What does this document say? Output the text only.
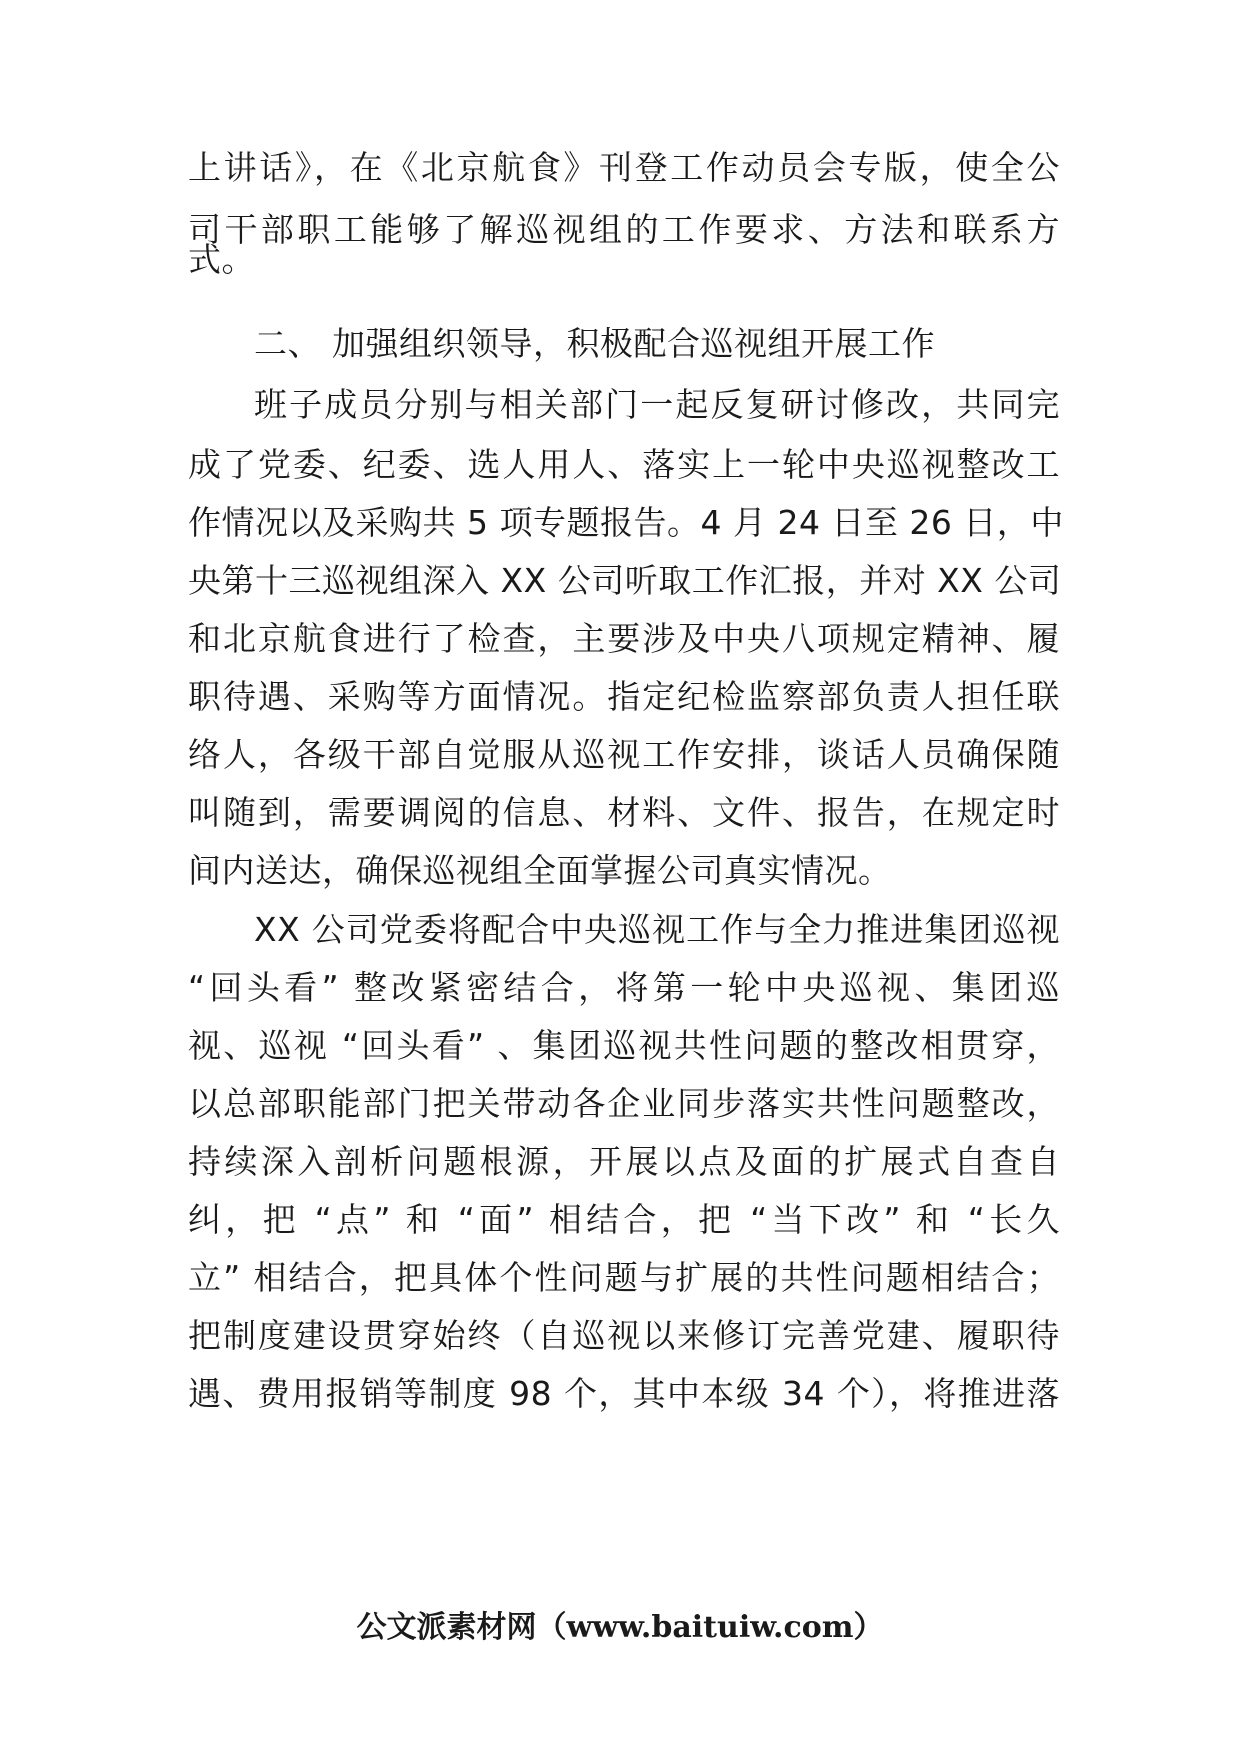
上讲话》，在《北京航食》刊登工作动员会专版，使全公
司干部职工能够了解巡视组的工作要求、方法和联系方
式。
二、 加强组织领导，积极配合巡视组开展工作
班子成员分别与相关部门一起反复研讨修改，共同完
成了党委、纪委、选人用人、落实上一轮中央巡视整改工
作情况以及采购共 5 项专题报告。4 月 24 日至 26 日，中
央第十三巡视组深入 XX 公司听取工作汇报，并对 XX 公司
和北京航食进行了检查，主要涉及中央八项规定精神、履
职待遇、采购等方面情况。指定纪检监察部负责人担任联
络人，各级干部自觉服从巡视工作安排，谈话人员确保随
叫随到，需要调阅的信息、材料、文件、报告，在规定时
间内送达，确保巡视组全面掌握公司真实情况。
XX 公司党委将配合中央巡视工作与全力推进集团巡视
“回头看” 整改紧密结合，将第一轮中央巡视、集团巡
视、巡视 “回头看” 、集团巡视共性问题的整改相贯穿，
以总部职能部门把关带动各企业同步落实共性问题整改，
持续深入剖析问题根源，开展以点及面的扩展式自查自
纠，把 “点” 和 “面” 相结合，把 “当下改” 和 “长久
立” 相结合，把具体个性问题与扩展的共性问题相结合；
把制度建设贯穿始终（自巡视以来修订完善党建、履职待
遇、费用报销等制度 98 个，其中本级 34 个），将推进落
公文派素材网（www.baituiw.com）
